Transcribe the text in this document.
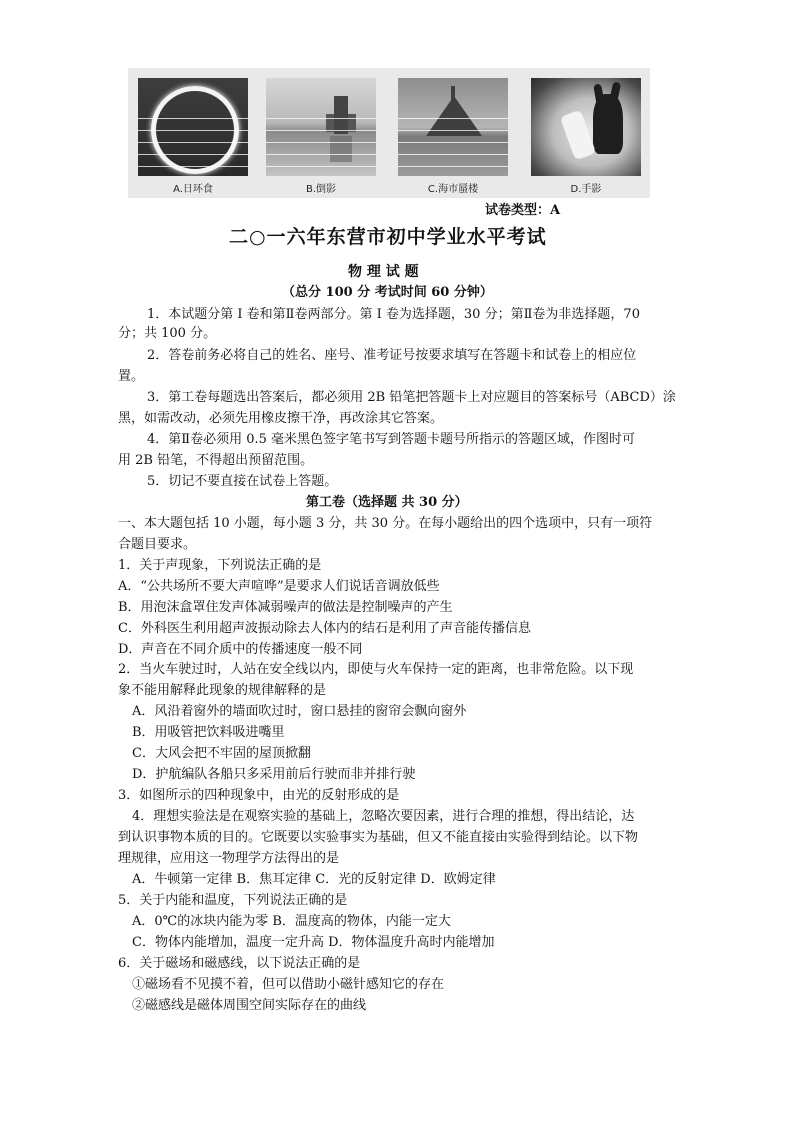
A.日环食	B.倒影	C.海市蜃楼	D.手影
试卷类型：A
二○一六年东营市初中学业水平考试
物 理 试 题
（总分 100 分 考试时间 60 分钟）
1．本试题分第 I 卷和第Ⅱ卷两部分。第 I 卷为选择题，30 分；第Ⅱ卷为非选择题，70
分；共 100 分。
2．答卷前务必将自己的姓名、座号、准考证号按要求填写在答题卡和试卷上的相应位
置。
3．第工卷每题选出答案后，都必须用 2B 铅笔把答题卡上对应题目的答案标号（ABCD）涂
黑，如需改动，必须先用橡皮擦干净，再改涂其它答案。
4．第Ⅱ卷必须用 0.5 毫米黑色签字笔书写到答题卡题号所指示的答题区域，作图时可
用 2B 铅笔，不得超出预留范围。
5．切记不要直接在试卷上答题。
第工卷（选择题 共 30 分）
一、本大题包括 10 小题，每小题 3 分，共 30 分。在每小题给出的四个选项中，只有一项符
合题目要求。
1．关于声现象，下列说法正确的是
A．“公共场所不要大声喧哗”是要求人们说话音调放低些
B．用泡沫盒罩住发声体减弱噪声的做法是控制噪声的产生
C．外科医生利用超声波振动除去人体内的结石是利用了声音能传播信息
D．声音在不同介质中的传播速度一般不同
2．当火车驶过时，人站在安全线以内，即使与火车保持一定的距离，也非常危险。以下现
象不能用解释此现象的规律解释的是
A．风沿着窗外的墙面吹过时，窗口悬挂的窗帘会飘向窗外
B．用吸管把饮料吸进嘴里
C．大风会把不牢固的屋顶掀翻
D．护航编队各船只多采用前后行驶而非并排行驶
3．如图所示的四种现象中，由光的反射形成的是
4．理想实验法是在观察实验的基础上，忽略次要因素，进行合理的推想，得出结论，达
到认识事物本质的目的。它既要以实验事实为基础，但又不能直接由实验得到结论。以下物
理规律，应用这一物理学方法得出的是
A．牛顿第一定律 B．焦耳定律 C．光的反射定律 D．欧姆定律
5．关于内能和温度，下列说法正确的是
A．0℃的冰块内能为零 B．温度高的物体，内能一定大
C．物体内能增加，温度一定升高 D．物体温度升高时内能增加
6．关于磁场和磁感线，以下说法正确的是
①磁场看不见摸不着，但可以借助小磁针感知它的存在
②磁感线是磁体周围空间实际存在的曲线
